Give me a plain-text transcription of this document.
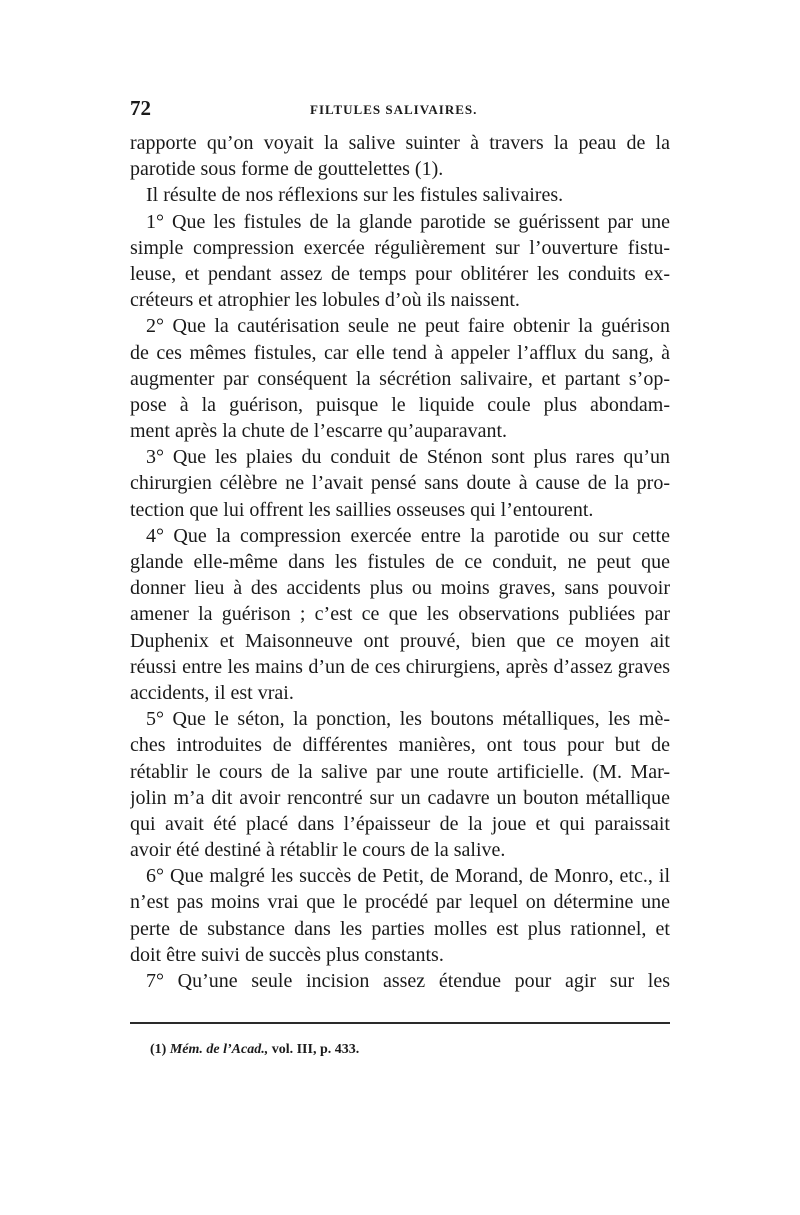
72	FILTULES SALIVAIRES.
rapporte qu’on voyait la salive suinter à travers la peau de la
parotide sous forme de gouttelettes (1).
Il résulte de nos réflexions sur les fistules salivaires.
1° Que les fistules de la glande parotide se guérissent par une
simple compression exercée régulièrement sur l’ouverture fistu-
leuse, et pendant assez de temps pour oblitérer les conduits ex-
créteurs et atrophier les lobules d’où ils naissent.
2° Que la cautérisation seule ne peut faire obtenir la guérison
de ces mêmes fistules, car elle tend à appeler l’afflux du sang, à
augmenter par conséquent la sécrétion salivaire, et partant s’op-
pose à la guérison, puisque le liquide coule plus abondam-
ment après la chute de l’escarre qu’auparavant.
3° Que les plaies du conduit de Sténon sont plus rares qu’un
chirurgien célèbre ne l’avait pensé sans doute à cause de la pro-
tection que lui offrent les saillies osseuses qui l’entourent.
4° Que la compression exercée entre la parotide ou sur cette
glande elle-même dans les fistules de ce conduit, ne peut que
donner lieu à des accidents plus ou moins graves, sans pouvoir
amener la guérison ; c’est ce que les observations publiées par
Duphenix et Maisonneuve ont prouvé, bien que ce moyen ait
réussi entre les mains d’un de ces chirurgiens, après d’assez graves
accidents, il est vrai.
5° Que le séton, la ponction, les boutons métalliques, les mè-
ches introduites de différentes manières, ont tous pour but de
rétablir le cours de la salive par une route artificielle. (M. Mar-
jolin m’a dit avoir rencontré sur un cadavre un bouton métallique
qui avait été placé dans l’épaisseur de la joue et qui paraissait
avoir été destiné à rétablir le cours de la salive.
6° Que malgré les succès de Petit, de Morand, de Monro, etc., il
n’est pas moins vrai que le procédé par lequel on détermine une
perte de substance dans les parties molles est plus rationnel, et
doit être suivi de succès plus constants.
7° Qu’une seule incision assez étendue pour agir sur les
(1) Mém. de l’Acad., vol. III, p. 433.
